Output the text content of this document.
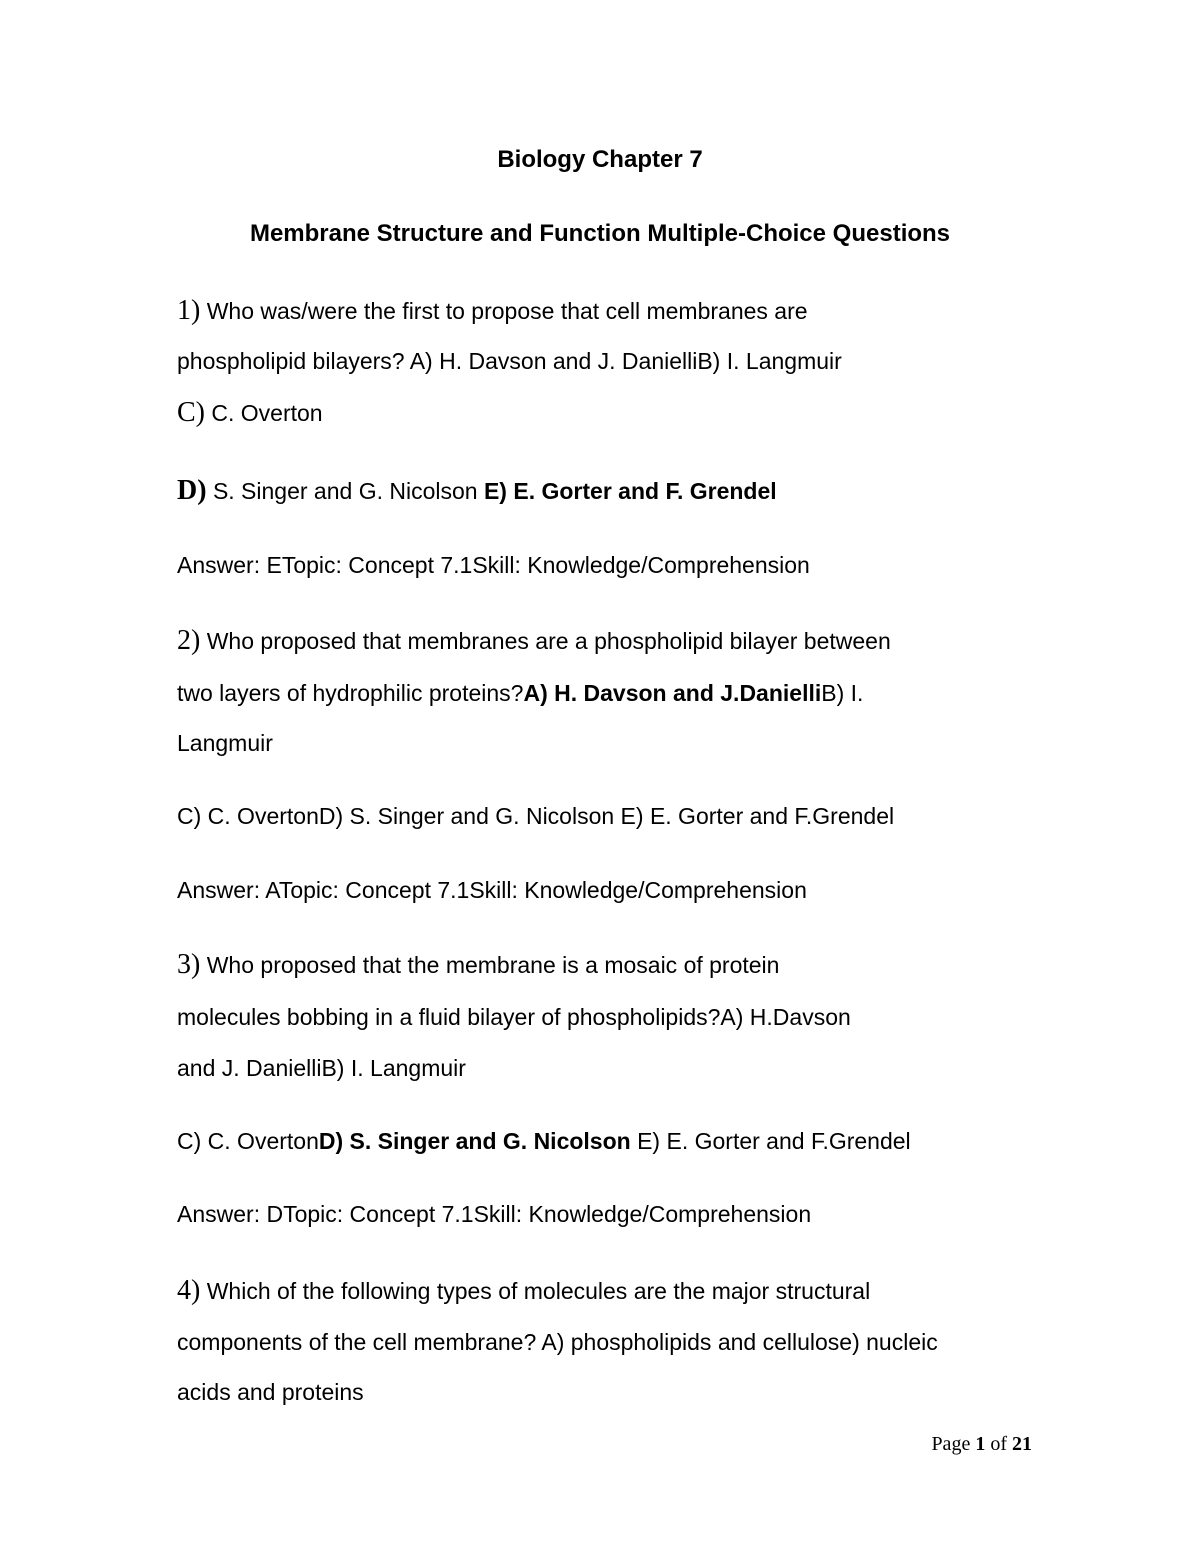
Biology Chapter 7
Membrane Structure and Function Multiple-Choice Questions
1) Who was/were the first to propose that cell membranes are
phospholipid bilayers? A) H. Davson and J. DanielliB) I. Langmuir
C) C. Overton
D) S. Singer and G. Nicolson E) E. Gorter and F. Grendel
Answer: ETopic: Concept 7.1Skill: Knowledge/Comprehension
2) Who proposed that membranes are a phospholipid bilayer between
two layers of hydrophilic proteins?A) H. Davson and J.DanielliB) I.
Langmuir
C) C. OvertonD) S. Singer and G. Nicolson E) E. Gorter and F.Grendel
Answer: ATopic: Concept 7.1Skill: Knowledge/Comprehension
3) Who proposed that the membrane is a mosaic of protein
molecules bobbing in a fluid bilayer of phospholipids?A) H.Davson
and J. DanielliB) I. Langmuir
C) C. OvertonD) S. Singer and G. Nicolson E) E. Gorter and F.Grendel
Answer: DTopic: Concept 7.1Skill: Knowledge/Comprehension
4) Which of the following types of molecules are the major structural
components of the cell membrane? A) phospholipids and cellulose) nucleic
acids and proteins
Page 1 of 21
